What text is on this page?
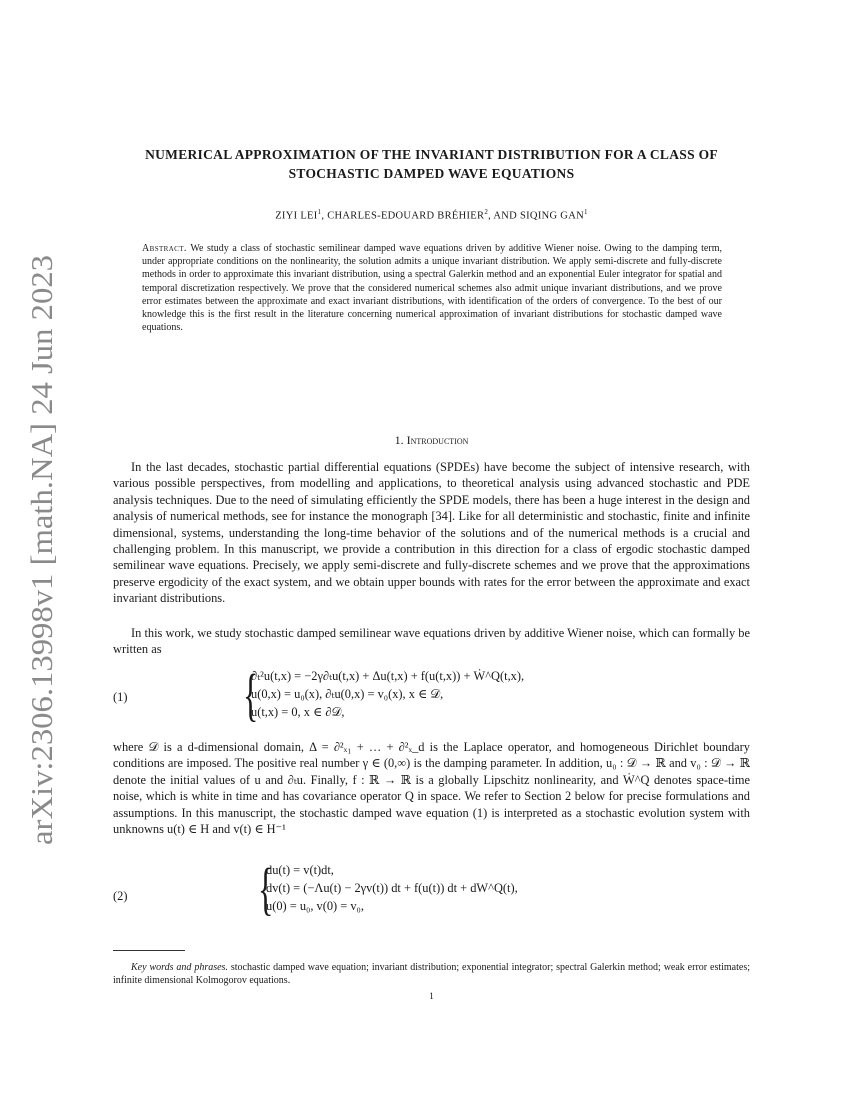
arXiv:2306.13998v1 [math.NA] 24 Jun 2023
NUMERICAL APPROXIMATION OF THE INVARIANT DISTRIBUTION FOR A CLASS OF STOCHASTIC DAMPED WAVE EQUATIONS
ZIYI LEI$^1$, CHARLES-EDOUARD BRÉHIER$^2$, AND SIQING GAN$^1$
Abstract. We study a class of stochastic semilinear damped wave equations driven by additive Wiener noise. Owing to the damping term, under appropriate conditions on the nonlinearity, the solution admits a unique invariant distribution. We apply semi-discrete and fully-discrete methods in order to approximate this invariant distribution, using a spectral Galerkin method and an exponential Euler integrator for spatial and temporal discretization respectively. We prove that the considered numerical schemes also admit unique invariant distributions, and we prove error estimates between the approximate and exact invariant distributions, with identification of the orders of convergence. To the best of our knowledge this is the first result in the literature concerning numerical approximation of invariant distributions for stochastic damped wave equations.
1. Introduction

In the last decades, stochastic partial differential equations (SPDEs) have become the subject of intensive research, with various possible perspectives, from modelling and applications, to theoretical analysis using advanced stochastic and PDE analysis techniques. Due to the need of simulating efficiently the SPDE models, there has been a huge interest in the design and analysis of numerical methods, see for instance the monograph [34]. Like for all deterministic and stochastic, finite and infinite dimensional, systems, understanding the long-time behavior of the solutions and of the numerical methods is a crucial and challenging problem. In this manuscript, we provide a contribution in this direction for a class of ergodic stochastic damped semilinear wave equations. Precisely, we apply semi-discrete and fully-discrete schemes and we prove that the approximations preserve ergodicity of the exact system, and we obtain upper bounds with rates for the error between the approximate and exact invariant distributions.

In this work, we study stochastic damped semilinear wave equations driven by additive Wiener noise, which can formally be written as

(1) {
∂ₜ²u(t,x) = −2γ∂ₜu(t,x) + Δu(t,x) + f(u(t,x)) + Ẇ^Q(t,x),
u(0,x) = u₀(x), ∂ₜu(0,x) = v₀(x), x ∈ 𝒟,
u(t,x) = 0, x ∈ ∂𝒟,

where 𝒟 is a d-dimensional domain, Δ = ∂²ₓ₁ + … + ∂²ₓ_d is the Laplace operator, and homogeneous Dirichlet boundary conditions are imposed. The positive real number γ ∈ (0,∞) is the damping parameter. In addition, u₀ : 𝒟 → ℝ and v₀ : 𝒟 → ℝ denote the initial values of u and ∂ₜu. Finally, f : ℝ → ℝ is a globally Lipschitz nonlinearity, and Ẇ^Q denotes space-time noise, which is white in time and has covariance operator Q in space. We refer to Section 2 below for precise formulations and assumptions. In this manuscript, the stochastic damped wave equation (1) is interpreted as a stochastic evolution system with unknowns u(t) ∈ H and v(t) ∈ H⁻¹

(2) {
du(t) = v(t)dt,
dv(t) = (−Λu(t) − 2γv(t)) dt + f(u(t)) dt + dW^Q(t),
u(0) = u₀, v(0) = v₀,
Key words and phrases. stochastic damped wave equation; invariant distribution; exponential integrator; spectral Galerkin method; weak error estimates; infinite dimensional Kolmogorov equations.
1
